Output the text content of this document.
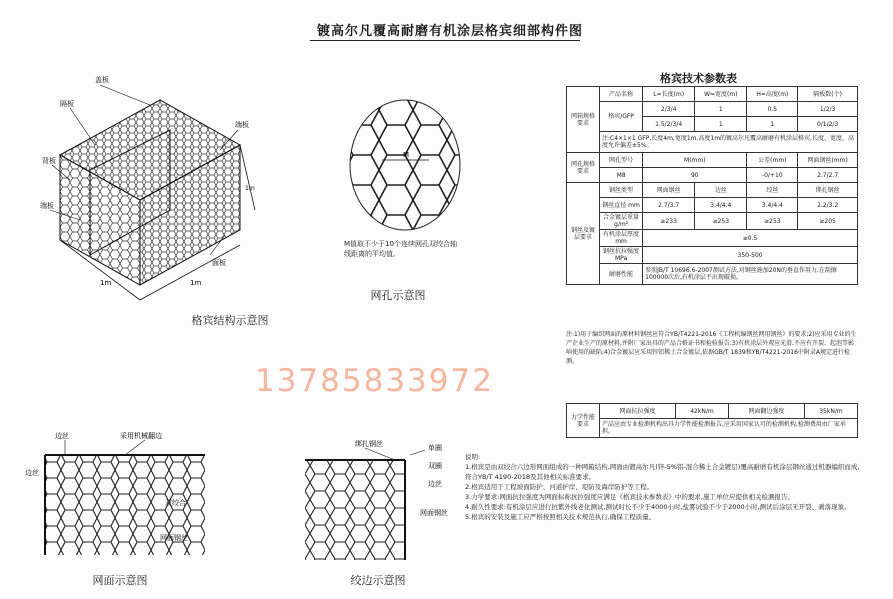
镀高尔凡覆高耐磨有机涂层格宾细部构件图
盖板
隔板
端板
背板
端板
面板
1m	1m
1m
格宾结构示意图
M
M值取不少于10个连续网孔双绞合轴线距离的平均值。
网孔示意图
13785833972
边丝	采用机械翻边
边丝
双绞合
网面钢丝
网面示意图
绑扎钢丝	单圈
双圈
边丝
网面钢丝
绞边示意图
格宾技术参数表
网箱规格要求	产品名称	L=长度(m)	W=宽度(m)	H=高度(m)	隔板数(个)
	格宾/GFP	2/3/4	1	0.5	1/2/3
		1.5/2/3/4	1	1	0/1/2/3
	注:C4×1×1 GFP,长度4m,宽度1m,高度1m的镀高尔凡覆高耐磨有机涂层格宾,长度、宽度、高度允许偏差±5%。				
网孔规格要求	网孔型号	M(mm)		公差(mm)	网面钢丝(mm)
	M8	90		-0/+10	2.7/2.7
钢丝及镀层要求	钢丝类型	网面钢丝	边丝	绞丝	绑扎钢丝
	钢丝直径 mm	2.7/3.7	3.4/4.4	3.4/4.4	2.2/3.2
	合金镀层重量 g/m²	≥233	≥253	≥253	≥205
	有机涂层厚度 mm	≥0.5			
	钢丝抗拉强度 MPa	350-500			
	耐磨性能	参照JB/T 10696.6-2007测试方法,对钢丝施加20N的垂直作用力,在刮擦100000次后,有机涂层不出现破损。			
注:1)用于编织网面的原材料钢丝应符合YB/T4221-2016《工程机编钢丝网用钢丝》的要求;2)应采用专业的生产企业生产的原材料,并附厂家出具的产品合格证书和检验报告;3)有机涂层外观应光滑,不应有开裂、起泡等影响使用的缺陷;4)合金镀层应采用锌铝稀土合金镀层,依据GB/T 1839和YB/T4221-2016中附录A规定进行检测。
力学性能要求	网面抗拉强度	42kN/m	网面翻边强度	35kN/m
产品应由专业检测机构出具力学性能检测报告,应采用国家认可的检测机构,检测费用由厂家承担。
说明:
1.格宾是由双绞合六边形网面组成的一种网箱结构,网面由镀高尔凡(锌-5%铝-混合稀土合金镀层)覆高耐磨有机涂层钢丝通过机器编织而成,符合YB/T 4190-2018及其他相关标准要求。
2.格宾适用于工程坡面防护、河道护岸、堤防及海岸防护等工程。
3.力学要求:网面抗拉强度为网面标称抗拉强度应满足《格宾技术参数表》中的要求,施工单位应提供相关检测报告。
4.耐久性要求:有机涂层应进行抗紫外线老化测试,测试时长不少于4000小时,盐雾试验不少于2000小时,测试后涂层无开裂、剥落现象。
5.格宾的安装及施工应严格按照相关技术规范执行,确保工程质量。
